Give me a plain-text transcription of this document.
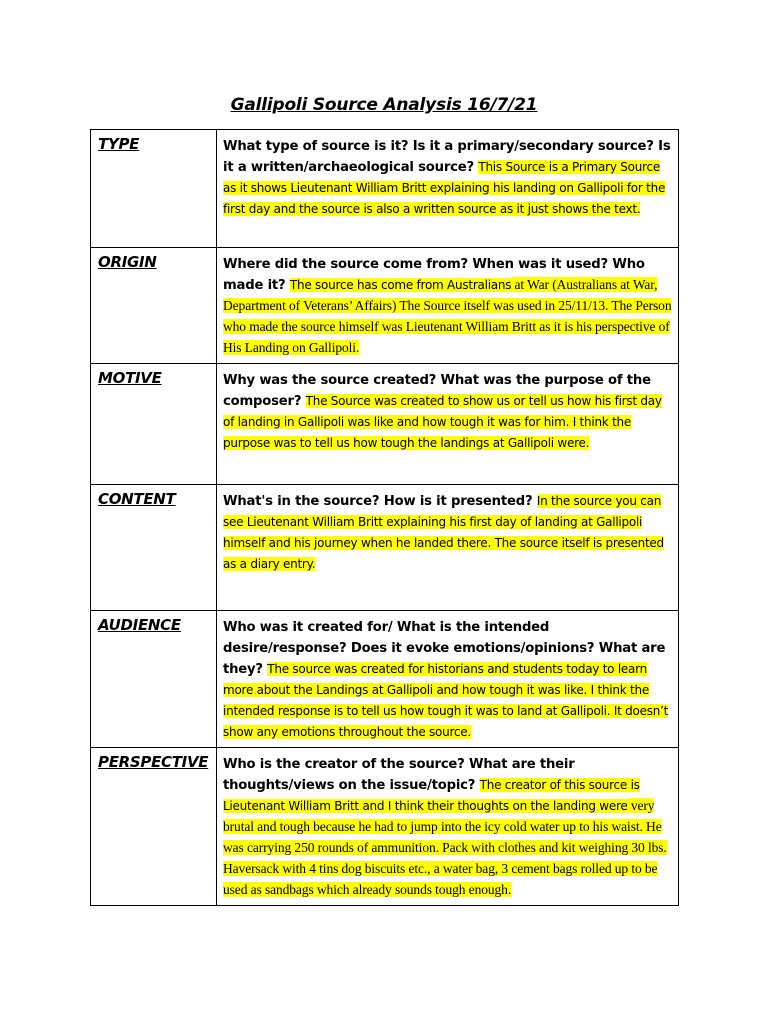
Gallipoli Source Analysis 16/7/21
TYPE	What type of source is it? Is it a primary/secondary source? Is it a written/archaeological source? This Source is a Primary Source as it shows Lieutenant William Britt explaining his landing on Gallipoli for the first day and the source is also a written source as it just shows the text.

ORIGIN	Where did the source come from? When was it used? Who made it? The source has come from Australians at War (Australians at War, Department of Veterans’ Affairs) The Source itself was used in 25/11/13. The Person who made the source himself was Lieutenant William Britt as it is his perspective of His Landing on Gallipoli.

MOTIVE	Why was the source created? What was the purpose of the composer? The Source was created to show us or tell us how his first day of landing in Gallipoli was like and how tough it was for him. I think the purpose was to tell us how tough the landings at Gallipoli were.

CONTENT	What's in the source? How is it presented? In the source you can see Lieutenant William Britt explaining his first day of landing at Gallipoli himself and his journey when he landed there. The source itself is presented as a diary entry.

AUDIENCE	Who was it created for/ What is the intended desire/response? Does it evoke emotions/opinions? What are they? The source was created for historians and students today to learn more about the Landings at Gallipoli and how tough it was like. I think the intended response is to tell us how tough it was to land at Gallipoli. It doesn’t show any emotions throughout the source.

PERSPECTIVE	Who is the creator of the source? What are their thoughts/views on the issue/topic? The creator of this source is Lieutenant William Britt and I think their thoughts on the landing were very brutal and tough because he had to jump into the icy cold water up to his waist. He was carrying 250 rounds of ammunition. Pack with clothes and kit weighing 30 lbs. Haversack with 4 tins dog biscuits etc., a water bag, 3 cement bags rolled up to be used as sandbags which already sounds tough enough.
